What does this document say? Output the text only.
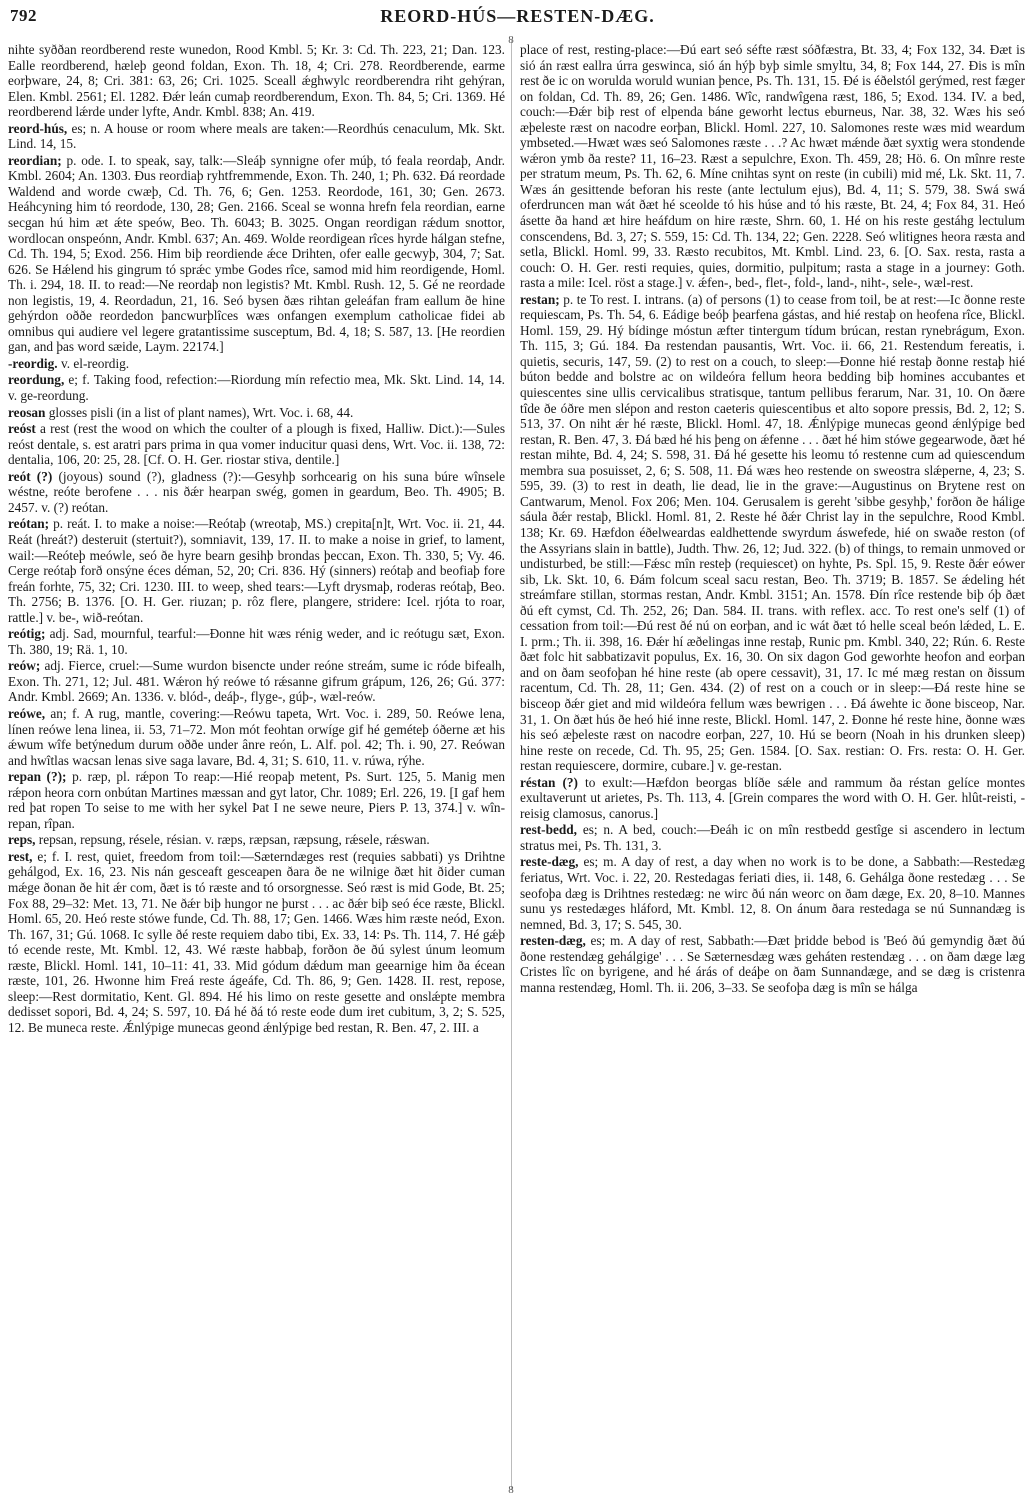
792	REORD-HÚS—RESTEN-DÆG.
8
8

nihte syððan reordberend reste wunedon, Rood Kmbl. 5; Kr. 3: Cd. Th. 223, 21; Dan. 123. Ealle reordberend, hæleþ geond foldan, Exon. Th. 18, 4; Cri. 278. Reordberende, earme eorþware, 24, 8; Cri. 381: 63, 26; Cri. 1025. Sceall ǽghwylc reordberendra riht gehýran, Elen. Kmbl. 2561; El. 1282. Ðǽr leán cumaþ reordberendum, Exon. Th. 84, 5; Cri. 1369. Hé reordberend lǽrde under lyfte, Andr. Kmbl. 838; An. 419.

reord-hús, es; n. A house or room where meals are taken:—Reordhús cenaculum, Mk. Skt. Lind. 14, 15.

reordian; p. ode. I. to speak, say, talk:—Sleáþ synnigne ofer múþ, tó feala reordaþ, Andr. Kmbl. 2604; An. 1303. Ðus reordiaþ ryhtfremmende, Exon. Th. 240, 1; Ph. 632. Ðá reordade Waldend and worde cwæþ, Cd. Th. 76, 6; Gen. 1253. Reordode, 161, 30; Gen. 2673. Heáhcyning him tó reordode, 130, 28; Gen. 2166. Sceal se wonna hrefn fela reordian, earne secgan hú him æt ǽte speów, Beo. Th. 6043; B. 3025. Ongan reordigan rǽdum snottor, wordlocan onspeónn, Andr. Kmbl. 637; An. 469. Wolde reordigean rîces hyrde hálgan stefne, Cd. Th. 194, 5; Exod. 256. Him biþ reordiende ǽce Drihten, ofer ealle gecwyþ, 304, 7; Sat. 626. Se Hǽlend his gingrum tó sprǽc ymbe Godes rîce, samod mid him reordigende, Homl. Th. i. 294, 18. II. to read:—Ne reordaþ non legistis? Mt. Kmbl. Rush. 12, 5. Gé ne reordade non legistis, 19, 4. Reordadun, 21, 16. Seó bysen ðæs rihtan geleáfan fram eallum ðe hine gehýrdon oððe reordedon þancwurþlîces wæs onfangen exemplum catholicae fidei ab omnibus qui audiere vel legere gratantissime susceptum, Bd. 4, 18; S. 587, 13. [He reordien gan, and þas word sæide, Laym. 22174.]

-reordig. v. el-reordig.

reordung, e; f. Taking food, refection:—Riordung mín refectio mea, Mk. Skt. Lind. 14, 14. v. ge-reordung.

reosan glosses pisli (in a list of plant names), Wrt. Voc. i. 68, 44.

reóst a rest (rest the wood on which the coulter of a plough is fixed, Halliw. Dict.):—Sules reóst dentale, s. est aratri pars prima in qua vomer inducitur quasi dens, Wrt. Voc. ii. 138, 72: dentalia, 106, 20: 25, 28. [Cf. O. H. Ger. riostar stiva, dentile.]

reót (?) (joyous) sound (?), gladness (?):—Gesyhþ sorhcearig on his suna búre wînsele wéstne, reóte berofene . . . nis ðǽr hearpan swég, gomen in geardum, Beo. Th. 4905; B. 2457. v. (?) reótan.

reótan; p. reát. I. to make a noise:—Reótaþ (wreotaþ, MS.) crepita[n]t, Wrt. Voc. ii. 21, 44. Reát (hreát?) desteruit (stertuit?), somniavit, 139, 17. II. to make a noise in grief, to lament, wail:—Reóteþ meówle, seó ðe hyre bearn gesihþ brondas þeccan, Exon. Th. 330, 5; Vy. 46. Cerge reótaþ forð onsýne éces déman, 52, 20; Cri. 836. Hý (sinners) reótaþ and beofiaþ fore freán forhte, 75, 32; Cri. 1230. III. to weep, shed tears:—Lyft drysmaþ, roderas reótaþ, Beo. Th. 2756; B. 1376. [O. H. Ger. riuzan; p. rôz flere, plangere, stridere: Icel. rjóta to roar, rattle.] v. be-, wið-reótan.

reótig; adj. Sad, mournful, tearful:—Ðonne hit wæs rénig weder, and ic reótugu sæt, Exon. Th. 380, 19; Rä. 1, 10.

reów; adj. Fierce, cruel:—Sume wurdon bisencte under reóne streám, sume ic róde bifealh, Exon. Th. 271, 12; Jul. 481. Wǽron hý reówe tó rǽsanne gifrum grápum, 126, 26; Gú. 377: Andr. Kmbl. 2669; An. 1336. v. blód-, deáþ-, flyge-, gúþ-, wæl-reów.

reówe, an; f. A rug, mantle, covering:—Reówu tapeta, Wrt. Voc. i. 289, 50. Reówe lena, línen reówe lena linea, ii. 53, 71–72. Mon mót feohtan orwíge gif hé geméteþ óðerne æt his ǽwum wîfe betýnedum durum oððe under ânre reón, L. Alf. pol. 42; Th. i. 90, 27. Reówan and hwîtlas wacsan lenas sive saga lavare, Bd. 4, 31; S. 610, 11. v. rúwa, rýhe.

repan (?); p. ræp, pl. rǽpon To reap:—Hié reopaþ metent, Ps. Surt. 125, 5. Manig men rǽpon heora corn onbútan Martines mæssan and gyt lator, Chr. 1089; Erl. 226, 19. [I gaf hem red þat ropen To seise to me with her sykel Þat I ne sewe neure, Piers P. 13, 374.] v. wîn-repan, rîpan.

reps, repsan, repsung, résele, résian. v. ræps, ræpsan, ræpsung, rǽsele, rǽswan.

rest, e; f. I. rest, quiet, freedom from toil:—Sæterndæges rest (requies sabbati) ys Drihtne gehálgod, Ex. 16, 23. Nis nán gesceaft gesceapen ðara ðe ne wilnige ðæt hit ðider cuman mǽge ðonan ðe hit ǽr com, ðæt is tó ræste and tó orsorgnesse. Seó ræst is mid Gode, Bt. 25; Fox 88, 29–32: Met. 13, 71. Ne ðǽr biþ hungor ne þurst . . . ac ðǽr biþ seó éce ræste, Blickl. Homl. 65, 20. Heó reste stówe funde, Cd. Th. 88, 17; Gen. 1466. Wæs him ræste neód, Exon. Th. 167, 31; Gú. 1068. Ic sylle ðé reste requiem dabo tibi, Ex. 33, 14: Ps. Th. 114, 7. Hé gǽþ tó ecende reste, Mt. Kmbl. 12, 43. Wé ræste habbaþ, forðon ðe ðú sylest únum leomum ræste, Blickl. Homl. 141, 10–11: 41, 33. Mid gódum dǽdum man geearnige him ða écean ræste, 101, 26. Hwonne him Freá reste ágeáfe, Cd. Th. 86, 9; Gen. 1428. II. rest, repose, sleep:—Rest dormitatio, Kent. Gl. 894. Hé his limo on reste gesette and onslǽpte membra dedisset sopori, Bd. 4, 24; S. 597, 10. Ðá hé ðá tó reste eode dum iret cubitum, 3, 2; S. 525, 12. Be muneca reste. Ǽnlýpige munecas geond ǽnlýpige bed restan, R. Ben. 47, 2. III. a

place of rest, resting-place:—Ðú eart seó séfte ræst sóðfæstra, Bt. 33, 4; Fox 132, 34. Ðæt is sió án ræst eallra úrra geswinca, sió án hýþ byþ simle smyltu, 34, 8; Fox 144, 27. Ðis is mîn rest ðe ic on worulda woruld wunian þence, Ps. Th. 131, 15. Ðé is éðelstól gerýmed, rest fæger on foldan, Cd. Th. 89, 26; Gen. 1486. Wîc, randwîgena ræst, 186, 5; Exod. 134. IV. a bed, couch:—Ðǽr biþ rest of elpenda báne geworht lectus eburneus, Nar. 38, 32. Wæs his seó æþeleste ræst on nacodre eorþan, Blickl. Homl. 227, 10. Salomones reste wæs mid weardum ymbseted.—Hwæt wæs seó Salomones ræste . . .? Ac hwæt mǽnde ðæt syxtig wera stondende wǽron ymb ða reste? 11, 16–23. Ræst a sepulchre, Exon. Th. 459, 28; Hö. 6. On mînre reste per stratum meum, Ps. Th. 62, 6. Míne cnihtas synt on reste (in cubili) mid mé, Lk. Skt. 11, 7. Wæs án gesittende beforan his reste (ante lectulum ejus), Bd. 4, 11; S. 579, 38. Swá swá oferdruncen man wát ðæt hé sceolde tó his húse and tó his ræste, Bt. 24, 4; Fox 84, 31. Heó ásette ða hand æt hire heáfdum on hire ræste, Shrn. 60, 1. Hé on his reste gestáhg lectulum conscendens, Bd. 3, 27; S. 559, 15: Cd. Th. 134, 22; Gen. 2228. Seó wlitignes heora ræsta and setla, Blickl. Homl. 99, 33. Ræsto recubitos, Mt. Kmbl. Lind. 23, 6. [O. Sax. resta, rasta a couch: O. H. Ger. resti requies, quies, dormitio, pulpitum; rasta a stage in a journey: Goth. rasta a mile: Icel. röst a stage.] v. ǽfen-, bed-, flet-, fold-, land-, niht-, sele-, wæl-rest.

restan; p. te To rest. I. intrans. (a) of persons (1) to cease from toil, be at rest:—Ic ðonne reste requiescam, Ps. Th. 54, 6. Eádige beóþ þearfena gástas, and hié restaþ on heofena rîce, Blickl. Homl. 159, 29. Hý bídinge móstun æfter tintergum tídum brúcan, restan rynebrágum, Exon. Th. 115, 3; Gú. 184. Ða restendan pausantis, Wrt. Voc. ii. 66, 21. Restendum fereatis, i. quietis, securis, 147, 59. (2) to rest on a couch, to sleep:—Ðonne hié restaþ ðonne restaþ hié búton bedde and bolstre ac on wildeóra fellum heora bedding biþ homines accubantes et quiescentes sine ullis cervicalibus stratisque, tantum pellibus ferarum, Nar. 31, 10. On ðære tîde ðe óðre men slépon and reston caeteris quiescentibus et alto sopore pressis, Bd. 2, 12; S. 513, 37. On niht ǽr hé ræste, Blickl. Homl. 47, 18. Ǽnlýpige munecas geond ǽnlýpige bed restan, R. Ben. 47, 3. Ðá bæd hé his þeng on ǽfenne . . . ðæt hé him stówe gegearwode, ðæt hé restan mihte, Bd. 4, 24; S. 598, 31. Ðá hé gesette his leomu tó restenne cum ad quiescendum membra sua posuisset, 2, 6; S. 508, 11. Ðá wæs heo restende on sweostra slǽperne, 4, 23; S. 595, 39. (3) to rest in death, lie dead, lie in the grave:—Augustinus on Brytene rest on Cantwarum, Menol. Fox 206; Men. 104. Gerusalem is gereht 'sibbe gesyhþ,' forðon ðe hálige sáula ðǽr restaþ, Blickl. Homl. 81, 2. Reste hé ðǽr Christ lay in the sepulchre, Rood Kmbl. 138; Kr. 69. Hæfdon éðelweardas ealdhettende swyrdum áswefede, hié on swaðe reston (of the Assyrians slain in battle), Judth. Thw. 26, 12; Jud. 322. (b) of things, to remain unmoved or undisturbed, be still:—Fǽsc mîn resteþ (requiescet) on hyhte, Ps. Spl. 15, 9. Reste ðǽr eówer sib, Lk. Skt. 10, 6. Ðám folcum sceal sacu restan, Beo. Th. 3719; B. 1857. Se ǽdeling hét streámfare stillan, stormas restan, Andr. Kmbl. 3151; An. 1578. Ðín rîce restende biþ óþ ðæt ðú eft cymst, Cd. Th. 252, 26; Dan. 584. II. trans. with reflex. acc. To rest one's self (1) of cessation from toil:—Ðú rest ðé nú on eorþan, and ic wát ðæt tó helle sceal beón lǽded, L. E. I. prm.; Th. ii. 398, 16. Ðǽr hí æðelingas inne restaþ, Runic pm. Kmbl. 340, 22; Rún. 6. Reste ðæt folc hit sabbatizavit populus, Ex. 16, 30. On six dagon God geworhte heofon and eorþan and on ðam seofoþan hé hine reste (ab opere cessavit), 31, 17. Ic mé mæg restan on ðissum racentum, Cd. Th. 28, 11; Gen. 434. (2) of rest on a couch or in sleep:—Ðá reste hine se bisceop ðǽr giet and mid wildeóra fellum wæs bewrigen . . . Ðá áwehte ic ðone bisceop, Nar. 31, 1. On ðæt hús ðe heó hié inne reste, Blickl. Homl. 147, 2. Ðonne hé reste hine, ðonne wæs his seó æþeleste ræst on nacodre eorþan, 227, 10. Hú se beorn (Noah in his drunken sleep) hine reste on recede, Cd. Th. 95, 25; Gen. 1584. [O. Sax. restian: O. Frs. resta: O. H. Ger. restan requiescere, dormire, cubare.] v. ge-restan.

réstan (?) to exult:—Hæfdon beorgas blíðe sǽle and rammum ða réstan gelíce montes exultaverunt ut arietes, Ps. Th. 113, 4. [Grein compares the word with O. H. Ger. hlût-reisti, -reisig clamosus, canorus.]

rest-bedd, es; n. A bed, couch:—Ðeáh ic on mîn restbedd gestîge si ascendero in lectum stratus mei, Ps. Th. 131, 3.

reste-dæg, es; m. A day of rest, a day when no work is to be done, a Sabbath:—Restedæg feriatus, Wrt. Voc. i. 22, 20. Restedagas feriati dies, ii. 148, 6. Gehálga ðone restedæg . . . Se seofoþa dæg is Drihtnes restedæg: ne wirc ðú nán weorc on ðam dæge, Ex. 20, 8–10. Mannes sunu ys restedæges hláford, Mt. Kmbl. 12, 8. On ánum ðara restedaga se nú Sunnandæg is nemned, Bd. 3, 17; S. 545, 30.

resten-dæg, es; m. A day of rest, Sabbath:—Ðæt þridde bebod is 'Beó ðú gemyndig ðæt ðú ðone restendæg gehálgige' . . . Se Sæternesdæg wæs geháten restendæg . . . on ðam dæge læg Cristes lîc on byrigene, and hé árás of deáþe on ðam Sunnandæge, and se dæg is cristenra manna restendæg, Homl. Th. ii. 206, 3–33. Se seofoþa dæg is mîn se hálga
